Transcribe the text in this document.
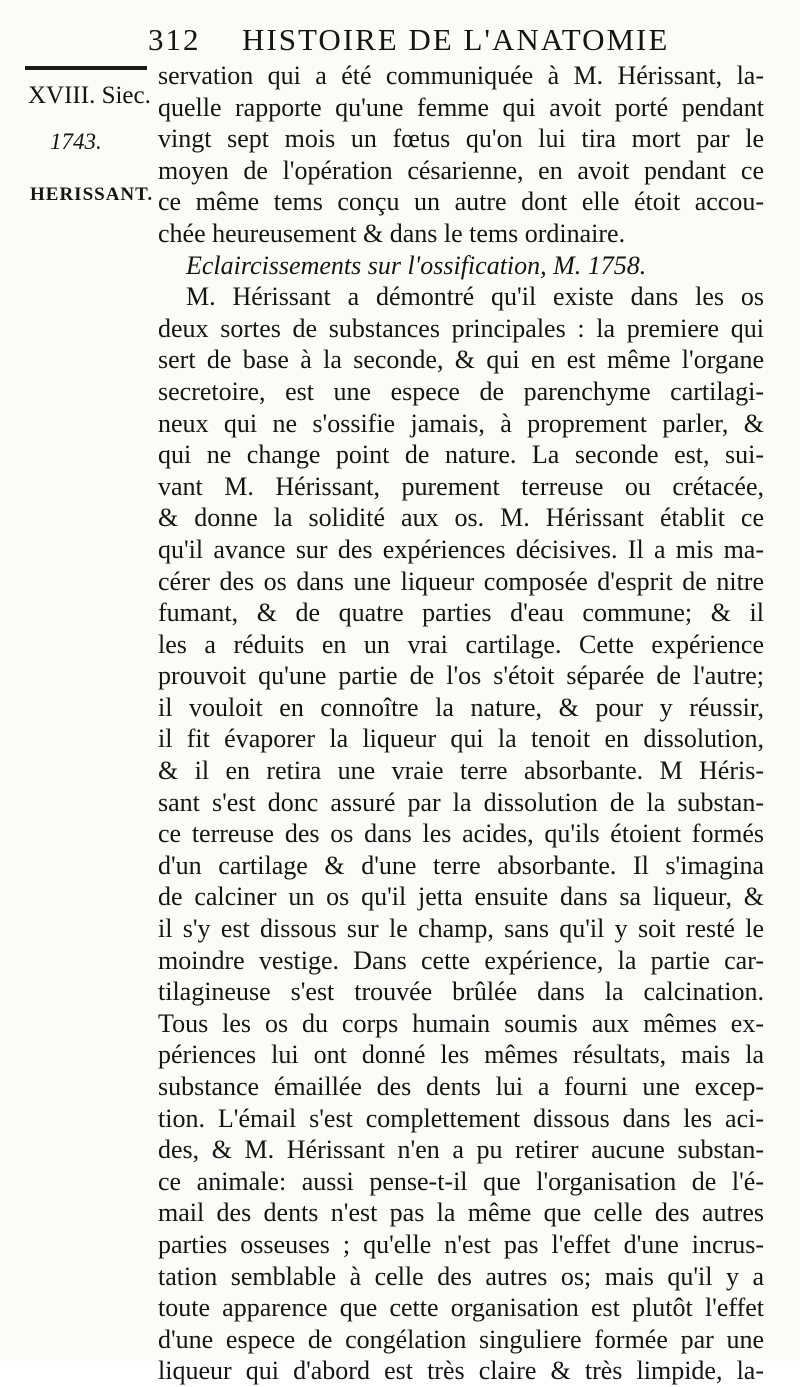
312 HISTOIRE DE L'ANATOMIE
XVIII. Siec.
1743.
HERISSANT.
servation qui a été communiquée à M. Hérissant, la-
quelle rapporte qu'une femme qui avoit porté pendant
vingt sept mois un fœtus qu'on lui tira mort par le
moyen de l'opération césarienne, en avoit pendant ce
ce même tems conçu un autre dont elle étoit accou-
chée heureusement & dans le tems ordinaire.
Eclaircissements sur l'ossification, M. 1758.
M. Hérissant a démontré qu'il existe dans les os
deux sortes de substances principales : la premiere qui
sert de base à la seconde, & qui en est même l'organe
secretoire, est une espece de parenchyme cartilagi-
neux qui ne s'ossifie jamais, à proprement parler, &
qui ne change point de nature. La seconde est, sui-
vant M. Hérissant, purement terreuse ou crétacée,
& donne la solidité aux os. M. Hérissant établit ce
qu'il avance sur des expériences décisives. Il a mis ma-
cérer des os dans une liqueur composée d'esprit de nitre
fumant, & de quatre parties d'eau commune; & il
les a réduits en un vrai cartilage. Cette expérience
prouvoit qu'une partie de l'os s'étoit séparée de l'autre;
il vouloit en connoître la nature, & pour y réussir,
il fit évaporer la liqueur qui la tenoit en dissolution,
& il en retira une vraie terre absorbante. M Héris-
sant s'est donc assuré par la dissolution de la substan-
ce terreuse des os dans les acides, qu'ils étoient formés
d'un cartilage & d'une terre absorbante. Il s'imagina
de calciner un os qu'il jetta ensuite dans sa liqueur, &
il s'y est dissous sur le champ, sans qu'il y soit resté le
moindre vestige. Dans cette expérience, la partie car-
tilagineuse s'est trouvée brûlée dans la calcination.
Tous les os du corps humain soumis aux mêmes ex-
périences lui ont donné les mêmes résultats, mais la
substance émaillée des dents lui a fourni une excep-
tion. L'émail s'est complettement dissous dans les aci-
des, & M. Hérissant n'en a pu retirer aucune substan-
ce animale: aussi pense-t-il que l'organisation de l'é-
mail des dents n'est pas la même que celle des autres
parties osseuses ; qu'elle n'est pas l'effet d'une incrus-
tation semblable à celle des autres os; mais qu'il y a
toute apparence que cette organisation est plutôt l'effet
d'une espece de congélation singuliere formée par une
liqueur qui d'abord est très claire & très limpide, la-
